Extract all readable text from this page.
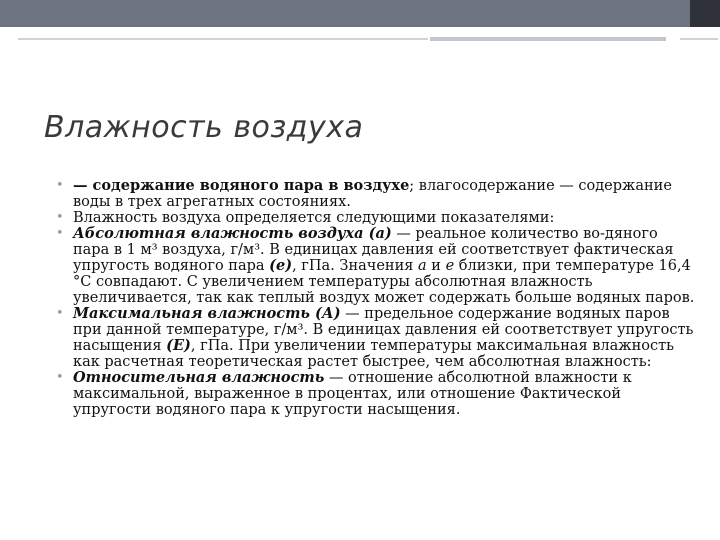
Влажность воздуха

• — содержание водяного пара в воздухе; влагосодержание — содержание воды в трех агрегатных состояниях.

• Влажность воздуха определяется следующими показателями:

• Абсолютная влажность воздуха (а) — реальное количество во-дяного пара в 1 м³ воздуха, г/м³. В единицах давления ей соответствует фактическая упругость водяного пара (е), гПа. Значения а и е близки, при температуре 16,4 °С совпадают. С увеличением температуры абсолютная влажность увеличивается, так как теплый воздух может содержать больше водяных паров.

• Максимальная влажность (А) — предельное содержание водяных паров при данной температуре, г/м³. В единицах давления ей соответствует упругость насыщения (Е), гПа. При увеличении температуры максимальная влажность как расчетная теоретическая растет быстрее, чем абсолютная влажность:

• Относительная влажность — отношение абсолютной влажности к максимальной, выраженное в процентах, или отношение Фактической упругости водяного пара к упругости насыщения.
